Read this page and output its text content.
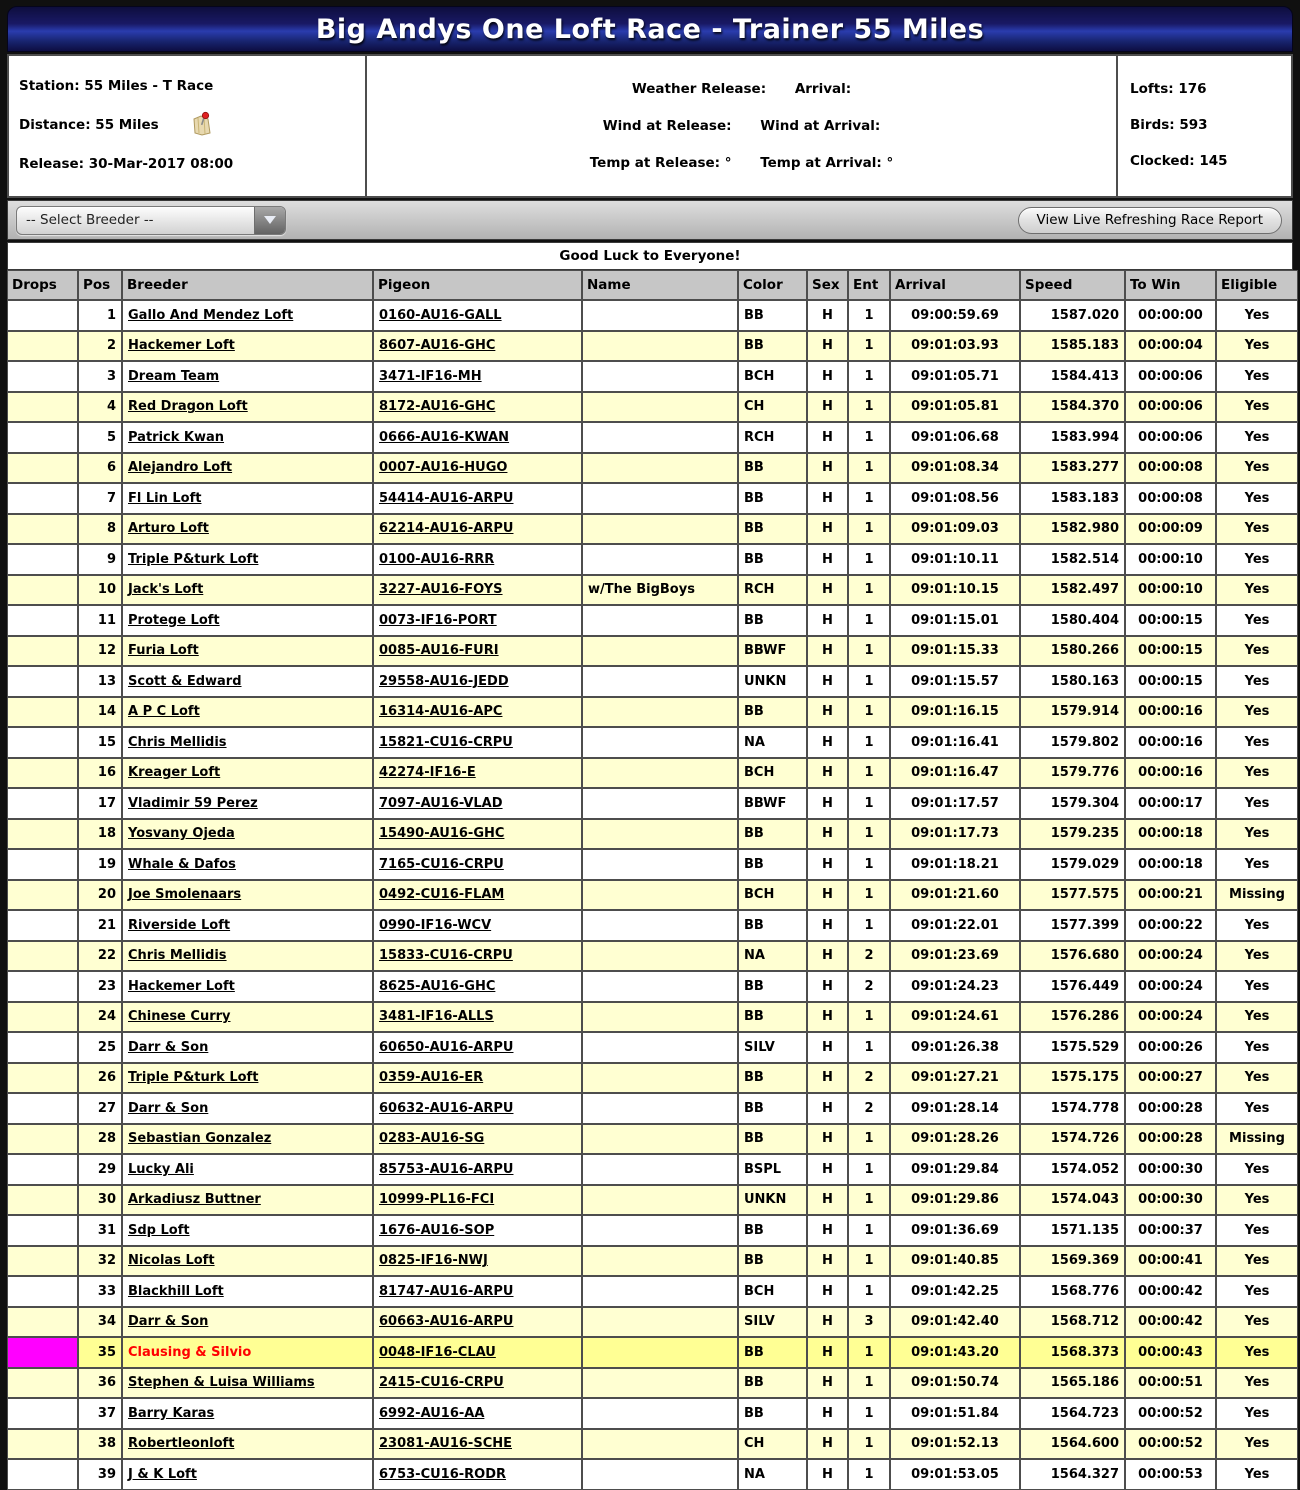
Big Andys One Loft Race - Trainer 55 Miles
Station: 55 Miles - T Race
Distance: 55 Miles
Release: 30-Mar-2017 08:00
Weather Release: Arrival:
Wind at Release: Wind at Arrival:
Temp at Release: ° Temp at Arrival: °
Lofts: 176
Birds: 593
Clocked: 145
-- Select Breeder --	View Live Refreshing Race Report
Good Luck to Everyone!
Drops	Pos	Breeder	Pigeon	Name	Color	Sex	Ent	Arrival	Speed	To Win	Eligible
	1	Gallo And Mendez Loft	0160-AU16-GALL		BB	H	1	09:00:59.69	1587.020	00:00:00	Yes
	2	Hackemer Loft	8607-AU16-GHC		BB	H	1	09:01:03.93	1585.183	00:00:04	Yes
	3	Dream Team	3471-IF16-MH		BCH	H	1	09:01:05.71	1584.413	00:00:06	Yes
	4	Red Dragon Loft	8172-AU16-GHC		CH	H	1	09:01:05.81	1584.370	00:00:06	Yes
	5	Patrick Kwan	0666-AU16-KWAN		RCH	H	1	09:01:06.68	1583.994	00:00:06	Yes
	6	Alejandro Loft	0007-AU16-HUGO		BB	H	1	09:01:08.34	1583.277	00:00:08	Yes
	7	Fl Lin Loft	54414-AU16-ARPU		BB	H	1	09:01:08.56	1583.183	00:00:08	Yes
	8	Arturo Loft	62214-AU16-ARPU		BB	H	1	09:01:09.03	1582.980	00:00:09	Yes
	9	Triple P&turk Loft	0100-AU16-RRR		BB	H	1	09:01:10.11	1582.514	00:00:10	Yes
	10	Jack's Loft	3227-AU16-FOYS	w/The BigBoys	RCH	H	1	09:01:10.15	1582.497	00:00:10	Yes
	11	Protege Loft	0073-IF16-PORT		BB	H	1	09:01:15.01	1580.404	00:00:15	Yes
	12	Furia Loft	0085-AU16-FURI		BBWF	H	1	09:01:15.33	1580.266	00:00:15	Yes
	13	Scott & Edward	29558-AU16-JEDD		UNKN	H	1	09:01:15.57	1580.163	00:00:15	Yes
	14	A P C Loft	16314-AU16-APC		BB	H	1	09:01:16.15	1579.914	00:00:16	Yes
	15	Chris Mellidis	15821-CU16-CRPU		NA	H	1	09:01:16.41	1579.802	00:00:16	Yes
	16	Kreager Loft	42274-IF16-E		BCH	H	1	09:01:16.47	1579.776	00:00:16	Yes
	17	Vladimir 59 Perez	7097-AU16-VLAD		BBWF	H	1	09:01:17.57	1579.304	00:00:17	Yes
	18	Yosvany Ojeda	15490-AU16-GHC		BB	H	1	09:01:17.73	1579.235	00:00:18	Yes
	19	Whale & Dafos	7165-CU16-CRPU		BB	H	1	09:01:18.21	1579.029	00:00:18	Yes
	20	Joe Smolenaars	0492-CU16-FLAM		BCH	H	1	09:01:21.60	1577.575	00:00:21	Missing
	21	Riverside Loft	0990-IF16-WCV		BB	H	1	09:01:22.01	1577.399	00:00:22	Yes
	22	Chris Mellidis	15833-CU16-CRPU		NA	H	2	09:01:23.69	1576.680	00:00:24	Yes
	23	Hackemer Loft	8625-AU16-GHC		BB	H	2	09:01:24.23	1576.449	00:00:24	Yes
	24	Chinese Curry	3481-IF16-ALLS		BB	H	1	09:01:24.61	1576.286	00:00:24	Yes
	25	Darr & Son	60650-AU16-ARPU		SILV	H	1	09:01:26.38	1575.529	00:00:26	Yes
	26	Triple P&turk Loft	0359-AU16-ER		BB	H	2	09:01:27.21	1575.175	00:00:27	Yes
	27	Darr & Son	60632-AU16-ARPU		BB	H	2	09:01:28.14	1574.778	00:00:28	Yes
	28	Sebastian Gonzalez	0283-AU16-SG		BB	H	1	09:01:28.26	1574.726	00:00:28	Missing
	29	Lucky Ali	85753-AU16-ARPU		BSPL	H	1	09:01:29.84	1574.052	00:00:30	Yes
	30	Arkadiusz Buttner	10999-PL16-FCI		UNKN	H	1	09:01:29.86	1574.043	00:00:30	Yes
	31	Sdp Loft	1676-AU16-SOP		BB	H	1	09:01:36.69	1571.135	00:00:37	Yes
	32	Nicolas Loft	0825-IF16-NWJ		BB	H	1	09:01:40.85	1569.369	00:00:41	Yes
	33	Blackhill Loft	81747-AU16-ARPU		BCH	H	1	09:01:42.25	1568.776	00:00:42	Yes
	34	Darr & Son	60663-AU16-ARPU		SILV	H	3	09:01:42.40	1568.712	00:00:42	Yes
	35	Clausing & Silvio	0048-IF16-CLAU		BB	H	1	09:01:43.20	1568.373	00:00:43	Yes
	36	Stephen & Luisa Williams	2415-CU16-CRPU		BB	H	1	09:01:50.74	1565.186	00:00:51	Yes
	37	Barry Karas	6992-AU16-AA		BB	H	1	09:01:51.84	1564.723	00:00:52	Yes
	38	Robertleonloft	23081-AU16-SCHE		CH	H	1	09:01:52.13	1564.600	00:00:52	Yes
	39	J & K Loft	6753-CU16-RODR		NA	H	1	09:01:53.05	1564.327	00:00:53	Yes
